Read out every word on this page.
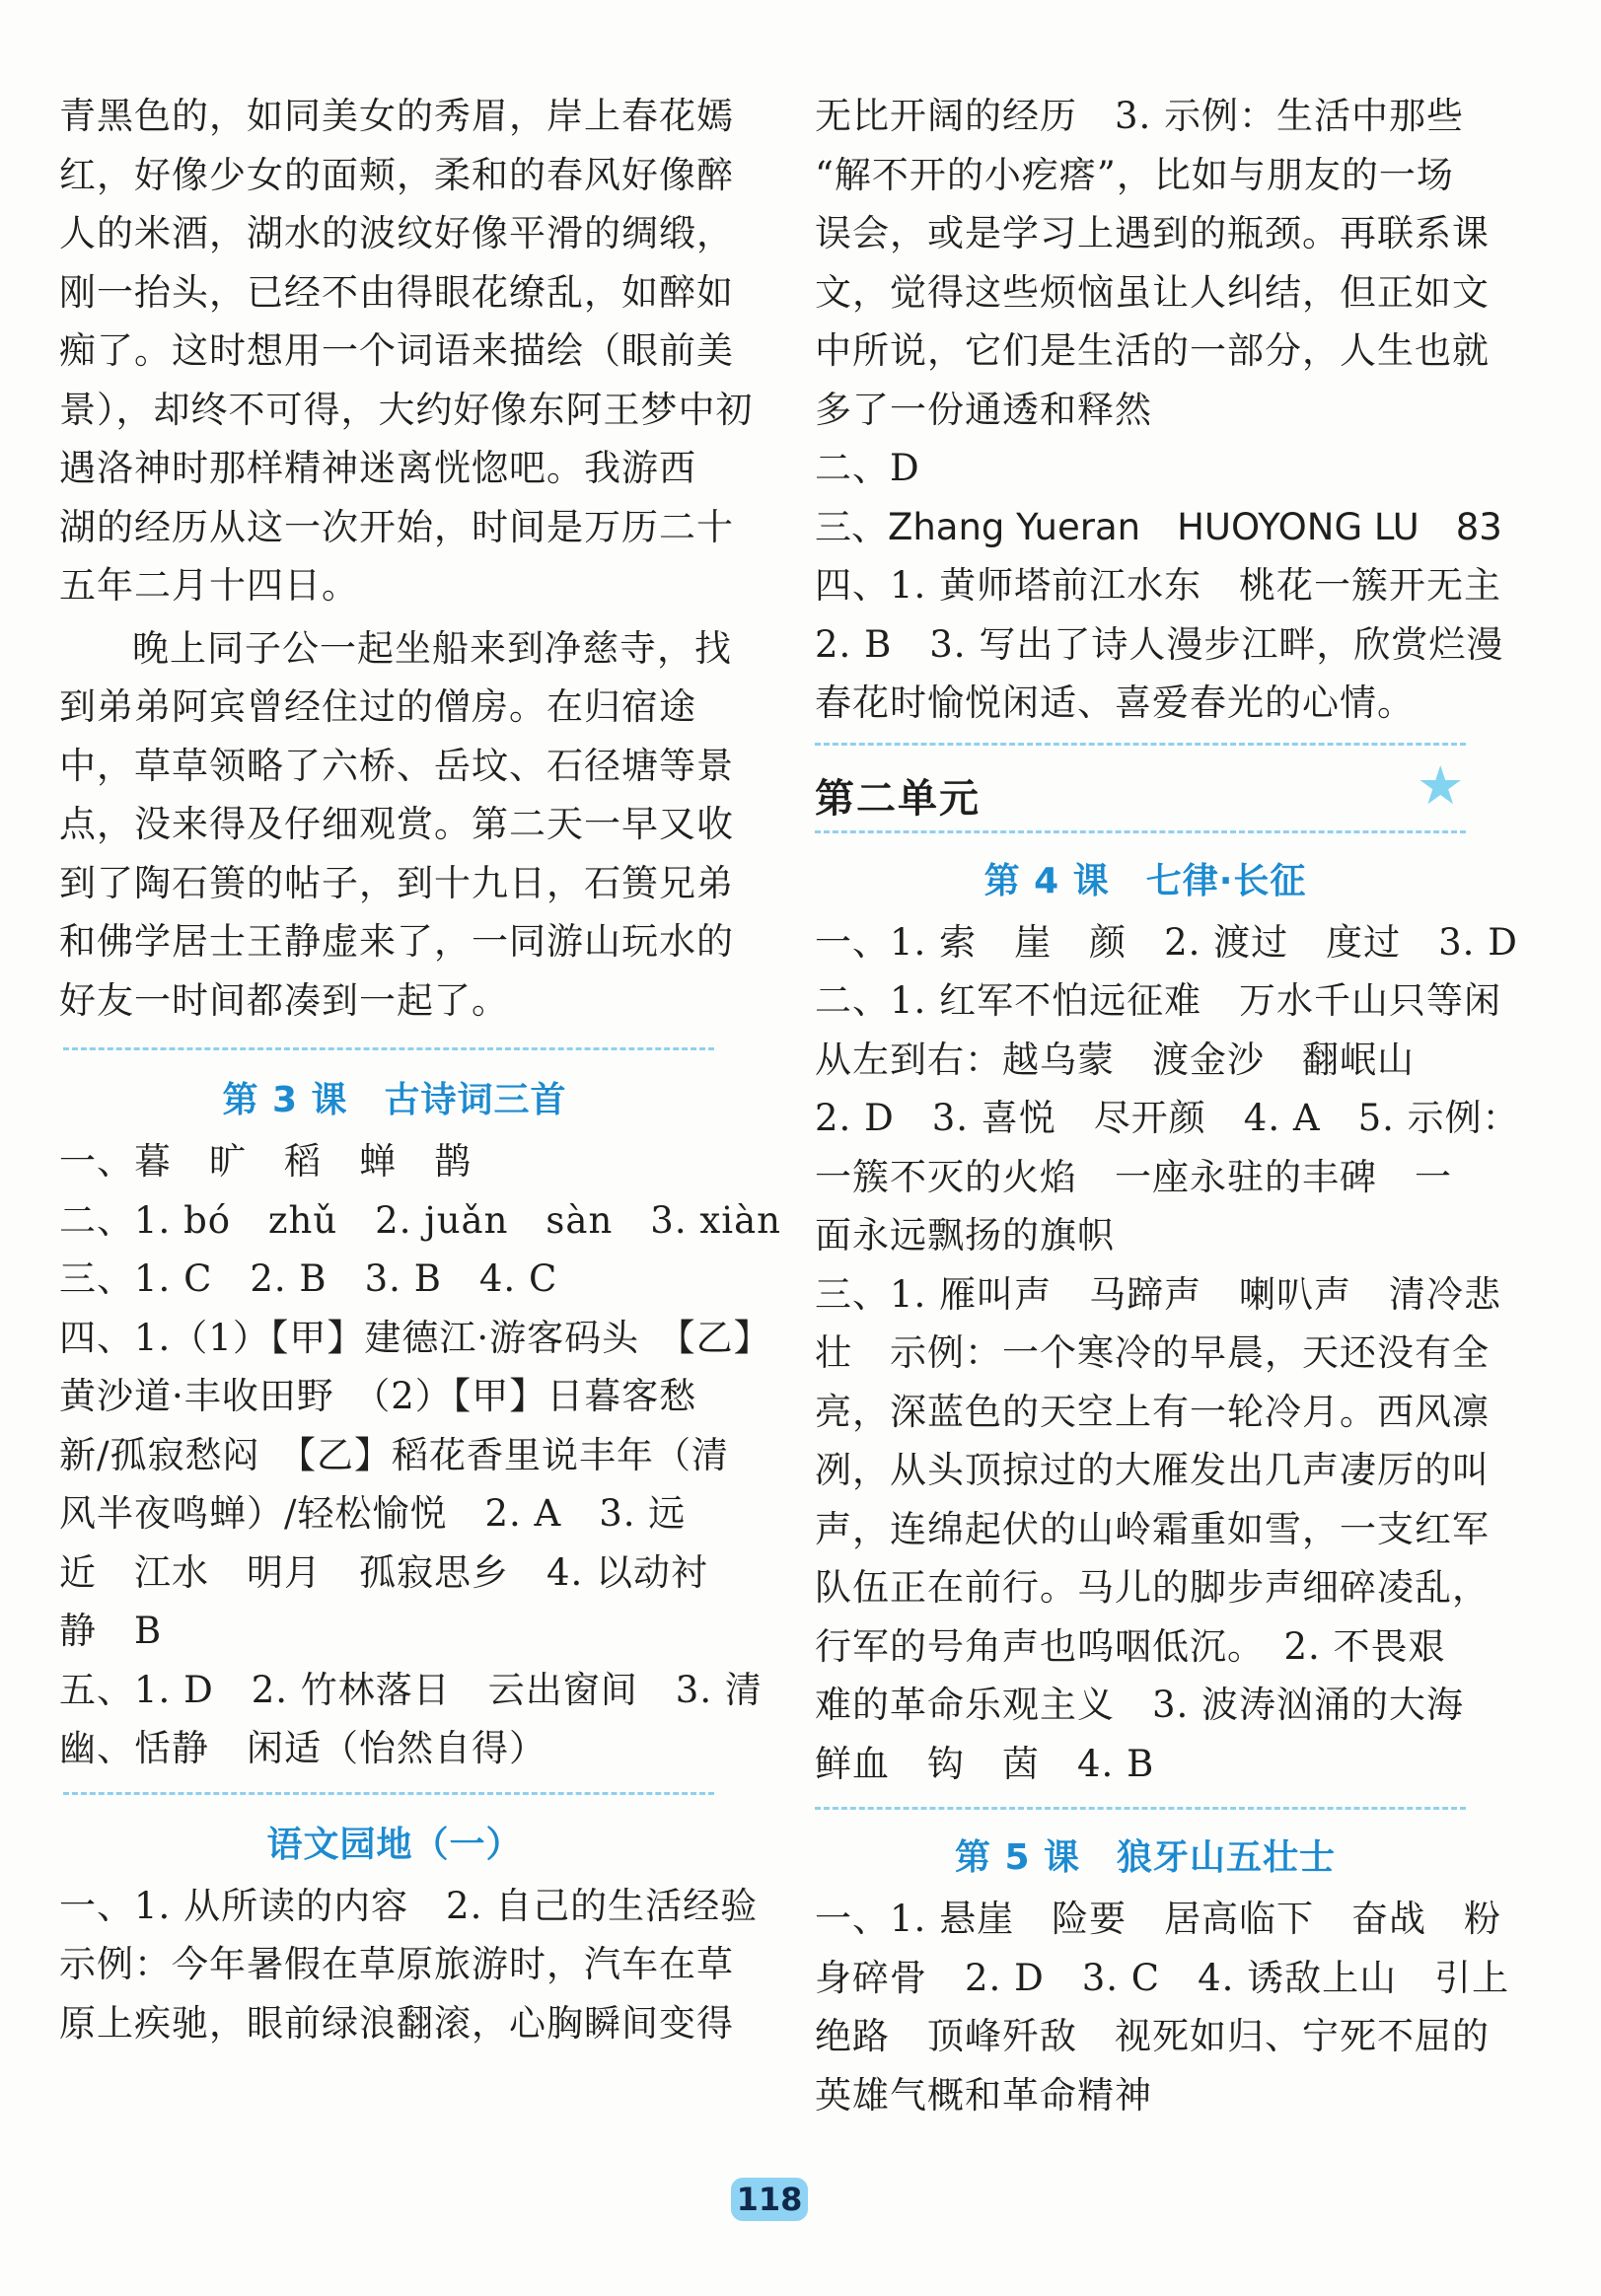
青黑色的，如同美女的秀眉，岸上春花嫣
红，好像少女的面颊，柔和的春风好像醉
人的米酒，湖水的波纹好像平滑的绸缎，
刚一抬头，已经不由得眼花缭乱，如醉如
痴了。这时想用一个词语来描绘（眼前美
景），却终不可得，大约好像东阿王梦中初
遇洛神时那样精神迷离恍惚吧。我游西
湖的经历从这一次开始，时间是万历二十
五年二月十四日。
晚上同子公一起坐船来到净慈寺，找
到弟弟阿宾曾经住过的僧房。在归宿途
中，草草领略了六桥、岳坟、石径塘等景
点，没来得及仔细观赏。第二天一早又收
到了陶石篑的帖子，到十九日，石篑兄弟
和佛学居士王静虚来了，一同游山玩水的
好友一时间都凑到一起了。
第 3 课　古诗词三首
一、暮　旷　稻　蝉　鹊
二、1. bó　zhǔ　2. juǎn　sàn　3. xiàn
三、1. C　2. B　3. B　4. C
四、1.（1）【甲】建德江·游客码头　【乙】
黄沙道·丰收田野　（2）【甲】日暮客愁
新/孤寂愁闷　【乙】稻花香里说丰年（清
风半夜鸣蝉）/轻松愉悦　2. A　3. 远
近　江水　明月　孤寂思乡　4. 以动衬
静　B
五、1. D　2. 竹林落日　云出窗间　3. 清
幽、恬静　闲适（怡然自得）
语文园地（一）
一、1. 从所读的内容　2. 自己的生活经验
示例：今年暑假在草原旅游时，汽车在草
原上疾驰，眼前绿浪翻滚，心胸瞬间变得
无比开阔的经历　3. 示例：生活中那些
“解不开的小疙瘩”，比如与朋友的一场
误会，或是学习上遇到的瓶颈。再联系课
文，觉得这些烦恼虽让人纠结，但正如文
中所说，它们是生活的一部分，人生也就
多了一份通透和释然
二、D
三、Zhang Yueran　HUOYONG LU　83
四、1. 黄师塔前江水东　桃花一簇开无主
2. B　3. 写出了诗人漫步江畔，欣赏烂漫
春花时愉悦闲适、喜爱春光的心情。
第二单元	★
第 4 课　七律·长征
一、1. 索　崖　颜　2. 渡过　度过　3. D
二、1. 红军不怕远征难　万水千山只等闲
从左到右：越乌蒙　渡金沙　翻岷山
2. D　3. 喜悦　尽开颜　4. A　5. 示例：
一簇不灭的火焰　一座永驻的丰碑　一
面永远飘扬的旗帜
三、1. 雁叫声　马蹄声　喇叭声　清冷悲
壮　示例：一个寒冷的早晨，天还没有全
亮，深蓝色的天空上有一轮冷月。西风凛
冽，从头顶掠过的大雁发出几声凄厉的叫
声，连绵起伏的山岭霜重如雪，一支红军
队伍正在前行。马儿的脚步声细碎凌乱，
行军的号角声也呜咽低沉。　2. 不畏艰
难的革命乐观主义　3. 波涛汹涌的大海
鲜血　钩　茵　4. B
第 5 课　狼牙山五壮士
一、1. 悬崖　险要　居高临下　奋战　粉
身碎骨　2. D　3. C　4. 诱敌上山　引上
绝路　顶峰歼敌　视死如归、宁死不屈的
英雄气概和革命精神
118
